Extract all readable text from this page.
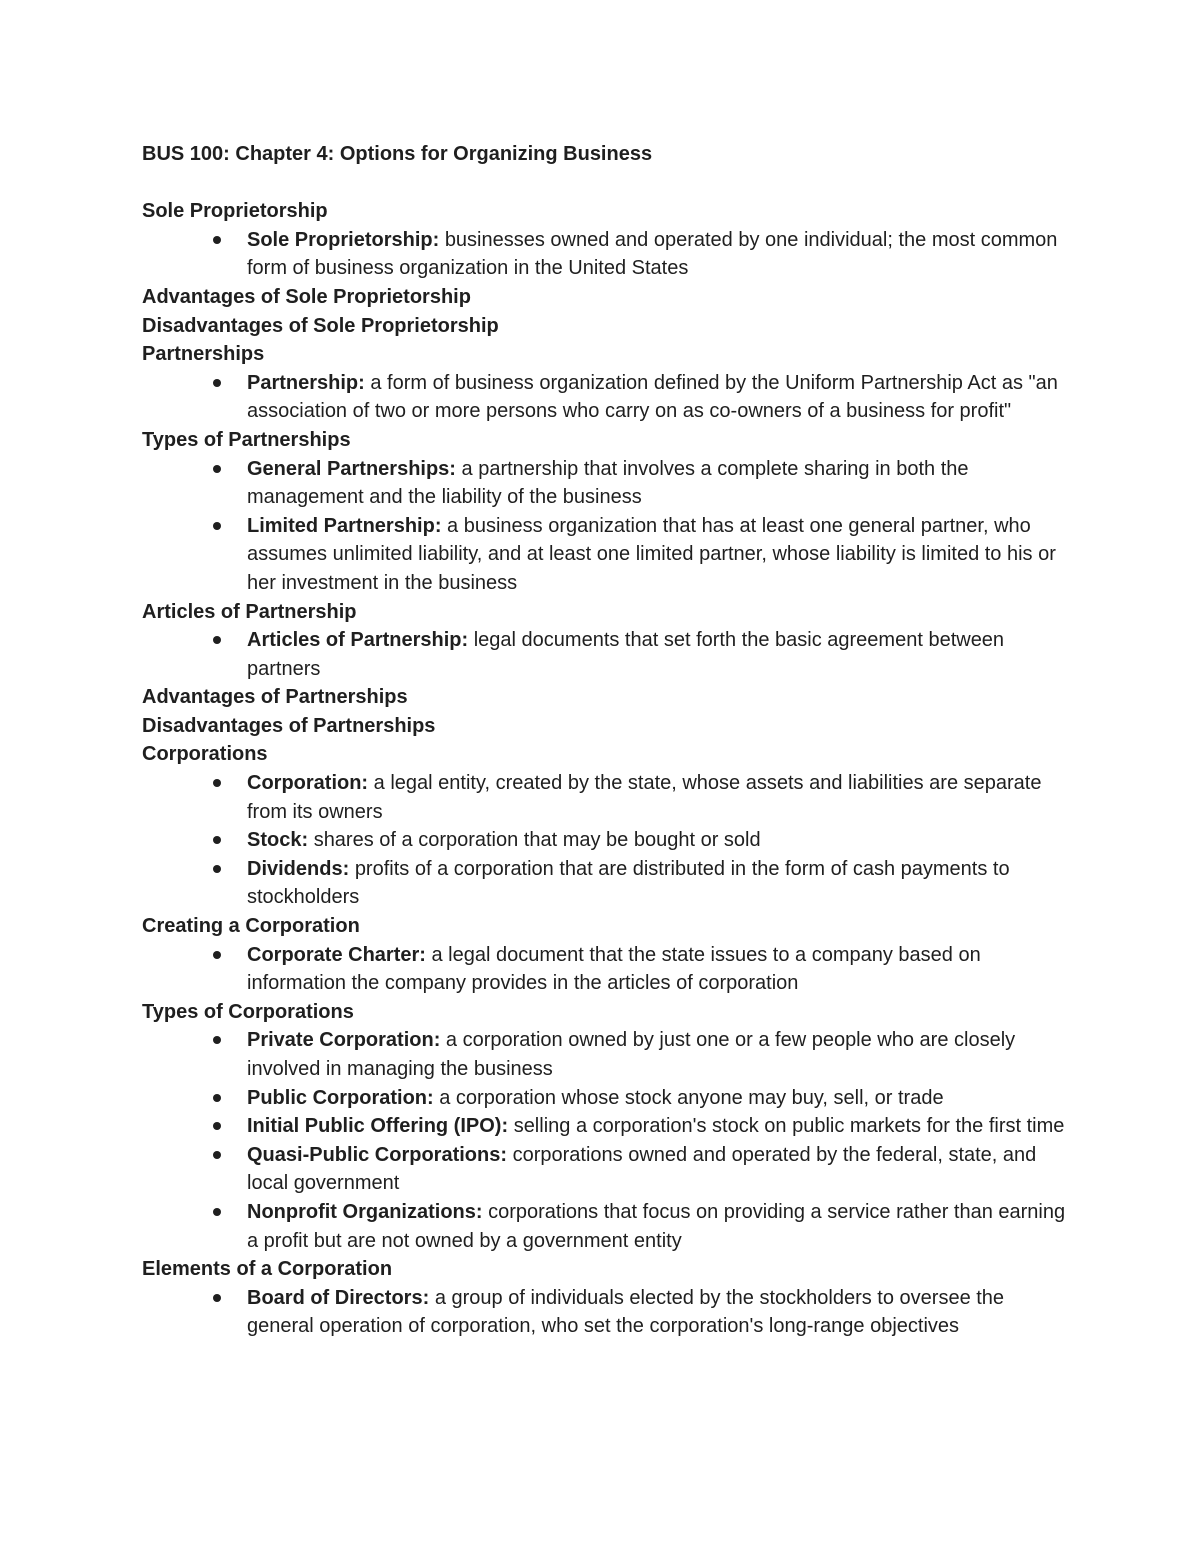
BUS 100: Chapter 4: Options for Organizing Business
Sole Proprietorship
Sole Proprietorship: businesses owned and operated by one individual; the most common form of business organization in the United States
Advantages of Sole Proprietorship
Disadvantages of Sole Proprietorship
Partnerships
Partnership: a form of business organization defined by the Uniform Partnership Act as "an association of two or more persons who carry on as co-owners of a business for profit"
Types of Partnerships
General Partnerships: a partnership that involves a complete sharing in both the management and the liability of the business
Limited Partnership: a business organization that has at least one general partner, who assumes unlimited liability, and at least one limited partner, whose liability is limited to his or her investment in the business
Articles of Partnership
Articles of Partnership: legal documents that set forth the basic agreement between partners
Advantages of Partnerships
Disadvantages of Partnerships
Corporations
Corporation: a legal entity, created by the state, whose assets and liabilities are separate from its owners
Stock: shares of a corporation that may be bought or sold
Dividends: profits of a corporation that are distributed in the form of cash payments to stockholders
Creating a Corporation
Corporate Charter: a legal document that the state issues to a company based on information the company provides in the articles of corporation
Types of Corporations
Private Corporation: a corporation owned by just one or a few people who are closely involved in managing the business
Public Corporation: a corporation whose stock anyone may buy, sell, or trade
Initial Public Offering (IPO): selling a corporation's stock on public markets for the first time
Quasi-Public Corporations: corporations owned and operated by the federal, state, and local government
Nonprofit Organizations: corporations that focus on providing a service rather than earning a profit but are not owned by a government entity
Elements of a Corporation
Board of Directors: a group of individuals elected by the stockholders to oversee the general operation of corporation, who set the corporation's long-range objectives
